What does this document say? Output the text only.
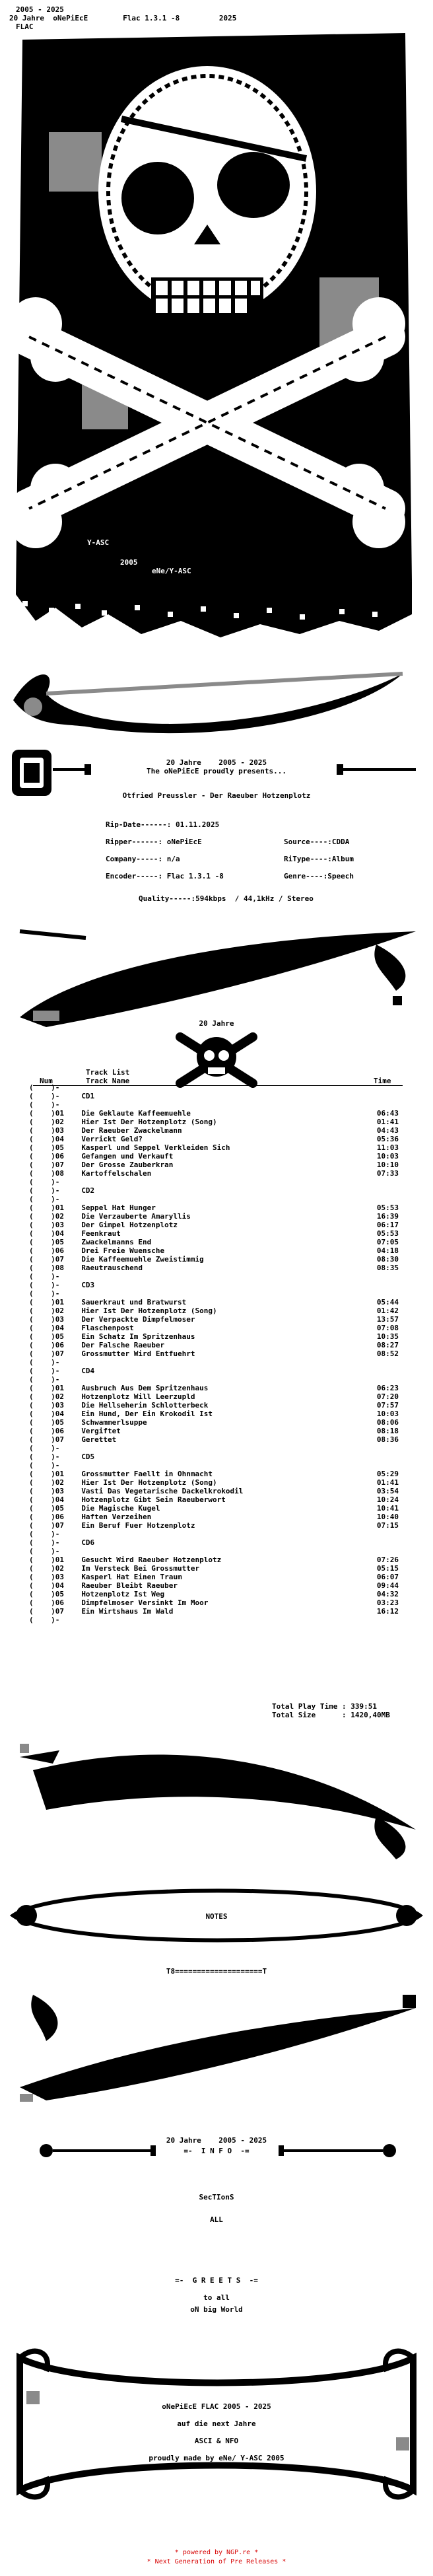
2005 - 2025
20 Jahre  oNePiEcE        Flac 1.3.1 -8         2025
FLAC
Y-ASC
2005
eNe/Y-ASC
20 Jahre    2005 - 2025
The oNePiEcE proudly presents...
Otfried Preussler - Der Raeuber Hotzenplotz
Rip-Date------: 01.11.2025
Ripper------: oNePiEcE	Source----:CDDA
Company-----: n/a	RiType----:Album
Encoder-----: Flac 1.3.1 -8	Genre----:Speech
Quality-----:594kbps  / 44,1kHz / Stereo
20 Jahre
Track List
Num	Track Name	Time
(    )	-		
(    )	-	CD1	
(    )	-		
(    )	01	Die Geklaute Kaffeemuehle	06:43
(    )	02	Hier Ist Der Hotzenplotz (Song)	01:41
(    )	03	Der Raeuber Zwackelmann	04:43
(    )	04	Verrickt Geld?	05:36
(    )	05	Kasperl und Seppel Verkleiden Sich	11:03
(    )	06	Gefangen und Verkauft	10:03
(    )	07	Der Grosse Zauberkran	10:10
(    )	08	Kartoffelschalen	07:33
(    )	-		
(    )	-	CD2	
(    )	-		
(    )	01	Seppel Hat Hunger	05:53
(    )	02	Die Verzauberte Amaryllis	16:39
(    )	03	Der Gimpel Hotzenplotz	06:17
(    )	04	Feenkraut	05:53
(    )	05	Zwackelmanns End	07:05
(    )	06	Drei Freie Wuensche	04:18
(    )	07	Die Kaffeemuehle Zweistimmig	08:30
(    )	08	Raeutrauschend	08:35
(    )	-		
(    )	-	CD3	
(    )	-		
(    )	01	Sauerkraut und Bratwurst	05:44
(    )	02	Hier Ist Der Hotzenplotz (Song)	01:42
(    )	03	Der Verpackte Dimpfelmoser	13:57
(    )	04	Flaschenpost	07:08
(    )	05	Ein Schatz Im Spritzenhaus	10:35
(    )	06	Der Falsche Raeuber	08:27
(    )	07	Grossmutter Wird Entfuehrt	08:52
(    )	-		
(    )	-	CD4	
(    )	-		
(    )	01	Ausbruch Aus Dem Spritzenhaus	06:23
(    )	02	Hotzenplotz Will Leerzupld	07:20
(    )	03	Die Hellseherin Schlotterbeck	07:57
(    )	04	Ein Hund, Der Ein Krokodil Ist	10:03
(    )	05	Schwammerlsuppe	08:06
(    )	06	Vergiftet	08:18
(    )	07	Gerettet	08:36
(    )	-		
(    )	-	CD5	
(    )	-		
(    )	01	Grossmutter Faellt in Ohnmacht	05:29
(    )	02	Hier Ist Der Hotzenplotz (Song)	01:41
(    )	03	Vasti Das Vegetarische Dackelkrokodil	03:54
(    )	04	Hotzenplotz Gibt Sein Raeuberwort	10:24
(    )	05	Die Magische Kugel	10:41
(    )	06	Haften Verzeihen	10:40
(    )	07	Ein Beruf Fuer Hotzenplotz	07:15
(    )	-		
(    )	-	CD6	
(    )	-		
(    )	01	Gesucht Wird Raeuber Hotzenplotz	07:26
(    )	02	Im Versteck Bei Grossmutter	05:15
(    )	03	Kasperl Hat Einen Traum	06:07
(    )	04	Raeuber Bleibt Raeuber	09:44
(    )	05	Hotzenplotz Ist Weg	04:32
(    )	06	Dimpfelmoser Versinkt Im Moor	03:23
(    )	07	Ein Wirtshaus Im Wald	16:12
(    )	-		
Total Play Time : 339:51
Total Size      : 1420,40MB
NOTES
T8====================T
20 Jahre    2005 - 2025
=-  I N F O  -=
SecTIonS
ALL
=-  G R E E T S  -=
to all
oN big World
oNePiEcE FLAC 2005 - 2025
auf die next Jahre
ASCI & NFO
proudly made by eNe/ Y-ASC 2005
* powered by NGP.re *
* Next Generation of Pre Releases *
